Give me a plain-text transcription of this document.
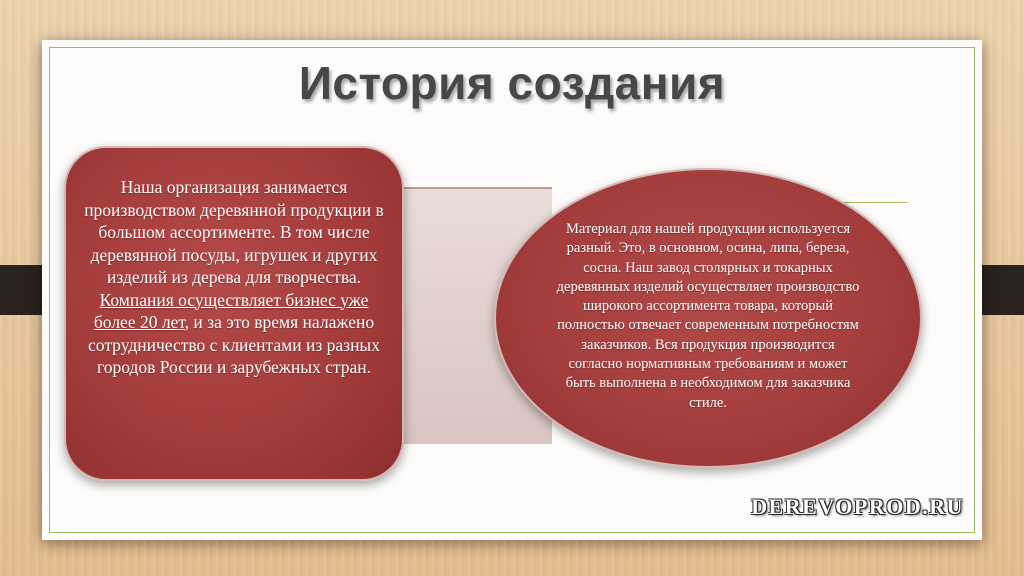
История создания
Наша организация занимается производством деревянной продукции в большом ассортименте. В том числе деревянной посуды, игрушек и других изделий из дерева для творчества. Компания осуществляет бизнес уже более 20 лет, и за это время налажено сотрудничество с клиентами из разных городов России и зарубежных стран.
Материал для нашей продукции используется разный. Это, в основном, осина, липа, береза, сосна. Наш завод столярных и токарных деревянных изделий осуществляет производство широкого ассортимента товара, который полностью отвечает современным потребностям заказчиков. Вся продукция производится согласно нормативным требованиям и может быть выполнена в необходимом для заказчика стиле.
DEREVOPROD.RU
